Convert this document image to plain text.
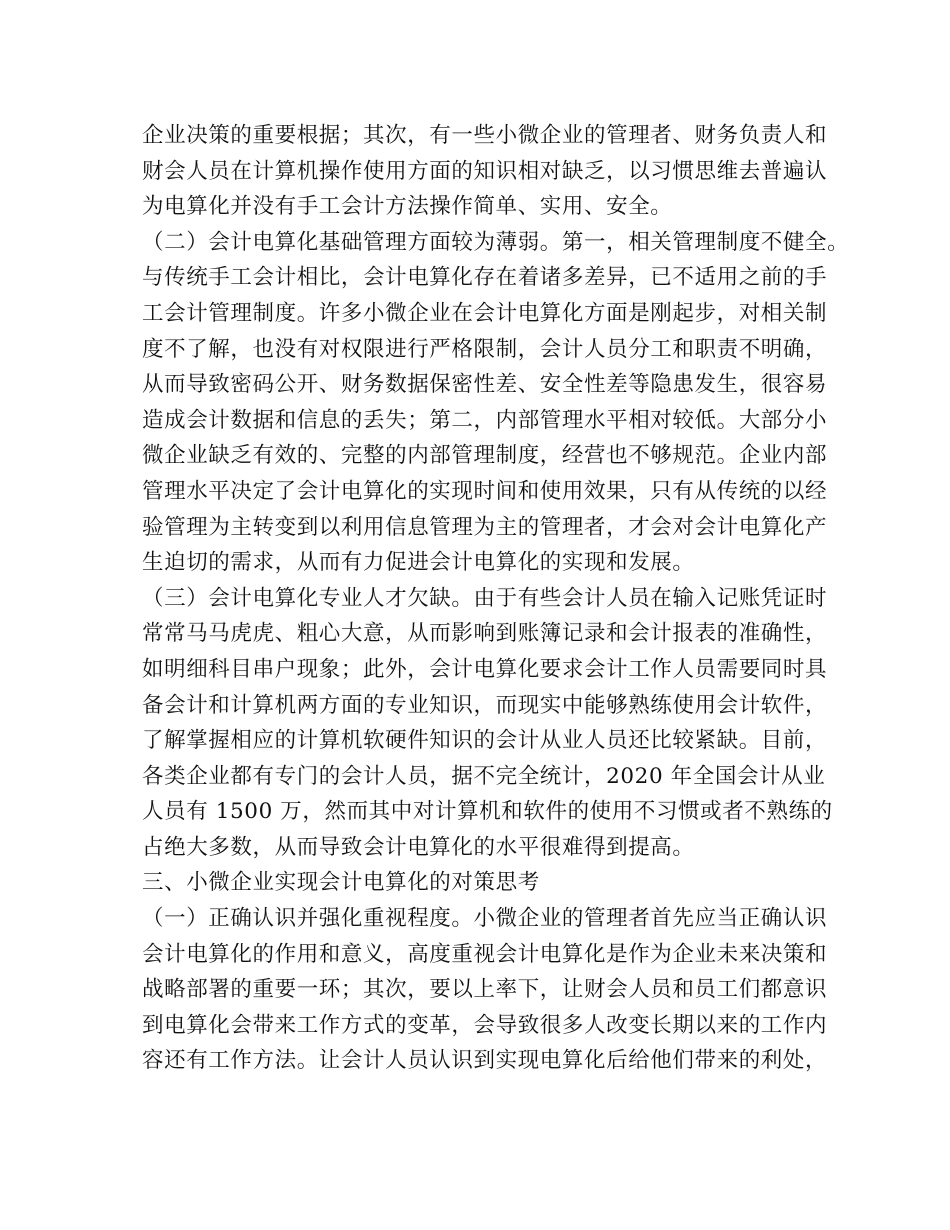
企业决策的重要根据；其次，有一些小微企业的管理者、财务负责人和
财会人员在计算机操作使用方面的知识相对缺乏，以习惯思维去普遍认
为电算化并没有手工会计方法操作简单、实用、安全。
（二）会计电算化基础管理方面较为薄弱。第一，相关管理制度不健全。
与传统手工会计相比，会计电算化存在着诸多差异，已不适用之前的手
工会计管理制度。许多小微企业在会计电算化方面是刚起步，对相关制
度不了解，也没有对权限进行严格限制，会计人员分工和职责不明确，
从而导致密码公开、财务数据保密性差、安全性差等隐患发生，很容易
造成会计数据和信息的丢失；第二，内部管理水平相对较低。大部分小
微企业缺乏有效的、完整的内部管理制度，经营也不够规范。企业内部
管理水平决定了会计电算化的实现时间和使用效果，只有从传统的以经
验管理为主转变到以利用信息管理为主的管理者，才会对会计电算化产
生迫切的需求，从而有力促进会计电算化的实现和发展。
（三）会计电算化专业人才欠缺。由于有些会计人员在输入记账凭证时
常常马马虎虎、粗心大意，从而影响到账簿记录和会计报表的准确性，
如明细科目串户现象；此外，会计电算化要求会计工作人员需要同时具
备会计和计算机两方面的专业知识，而现实中能够熟练使用会计软件，
了解掌握相应的计算机软硬件知识的会计从业人员还比较紧缺。目前，
各类企业都有专门的会计人员，据不完全统计，2020 年全国会计从业
人员有 1500 万，然而其中对计算机和软件的使用不习惯或者不熟练的
占绝大多数，从而导致会计电算化的水平很难得到提高。
三、小微企业实现会计电算化的对策思考
（一）正确认识并强化重视程度。小微企业的管理者首先应当正确认识
会计电算化的作用和意义，高度重视会计电算化是作为企业未来决策和
战略部署的重要一环；其次，要以上率下，让财会人员和员工们都意识
到电算化会带来工作方式的变革，会导致很多人改变长期以来的工作内
容还有工作方法。让会计人员认识到实现电算化后给他们带来的利处，
